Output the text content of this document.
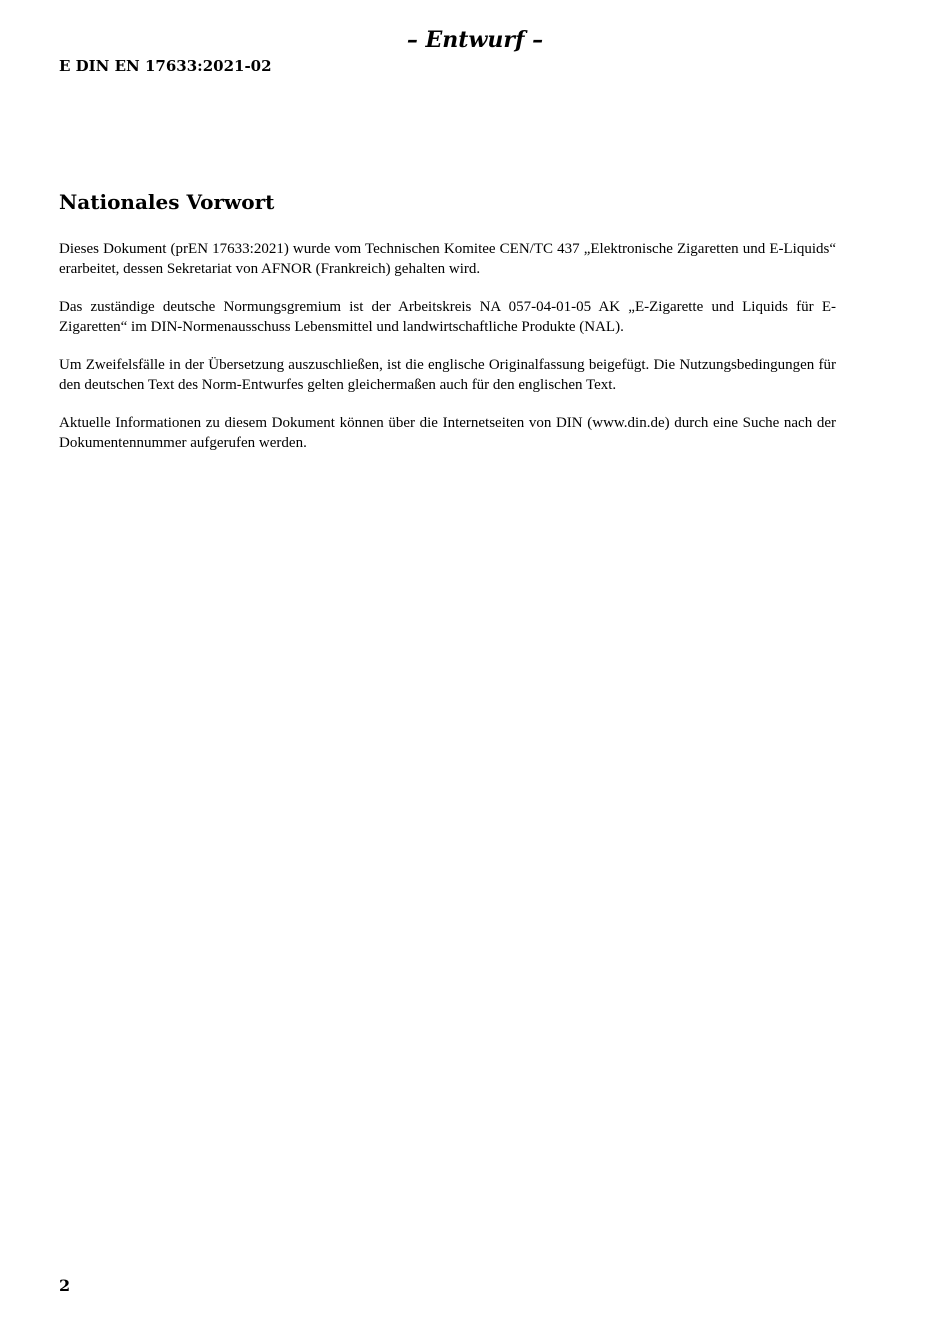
– Entwurf –
E DIN EN 17633:2021-02
Nationales Vorwort

Dieses Dokument (prEN 17633:2021) wurde vom Technischen Komitee CEN/TC 437 „Elektronische Zigaretten und E-Liquids“ erarbeitet, dessen Sekretariat von AFNOR (Frankreich) gehalten wird.

Das zuständige deutsche Normungsgremium ist der Arbeitskreis NA 057-04-01-05 AK „E-Zigarette und Liquids für E-Zigaretten“ im DIN-Normenausschuss Lebensmittel und landwirtschaftliche Produkte (NAL).

Um Zweifelsfälle in der Übersetzung auszuschließen, ist die englische Originalfassung beigefügt. Die Nutzungsbedingungen für den deutschen Text des Norm-Entwurfes gelten gleichermaßen auch für den englischen Text.

Aktuelle Informationen zu diesem Dokument können über die Internetseiten von DIN (www.din.de) durch eine Suche nach der Dokumentennummer aufgerufen werden.

2
